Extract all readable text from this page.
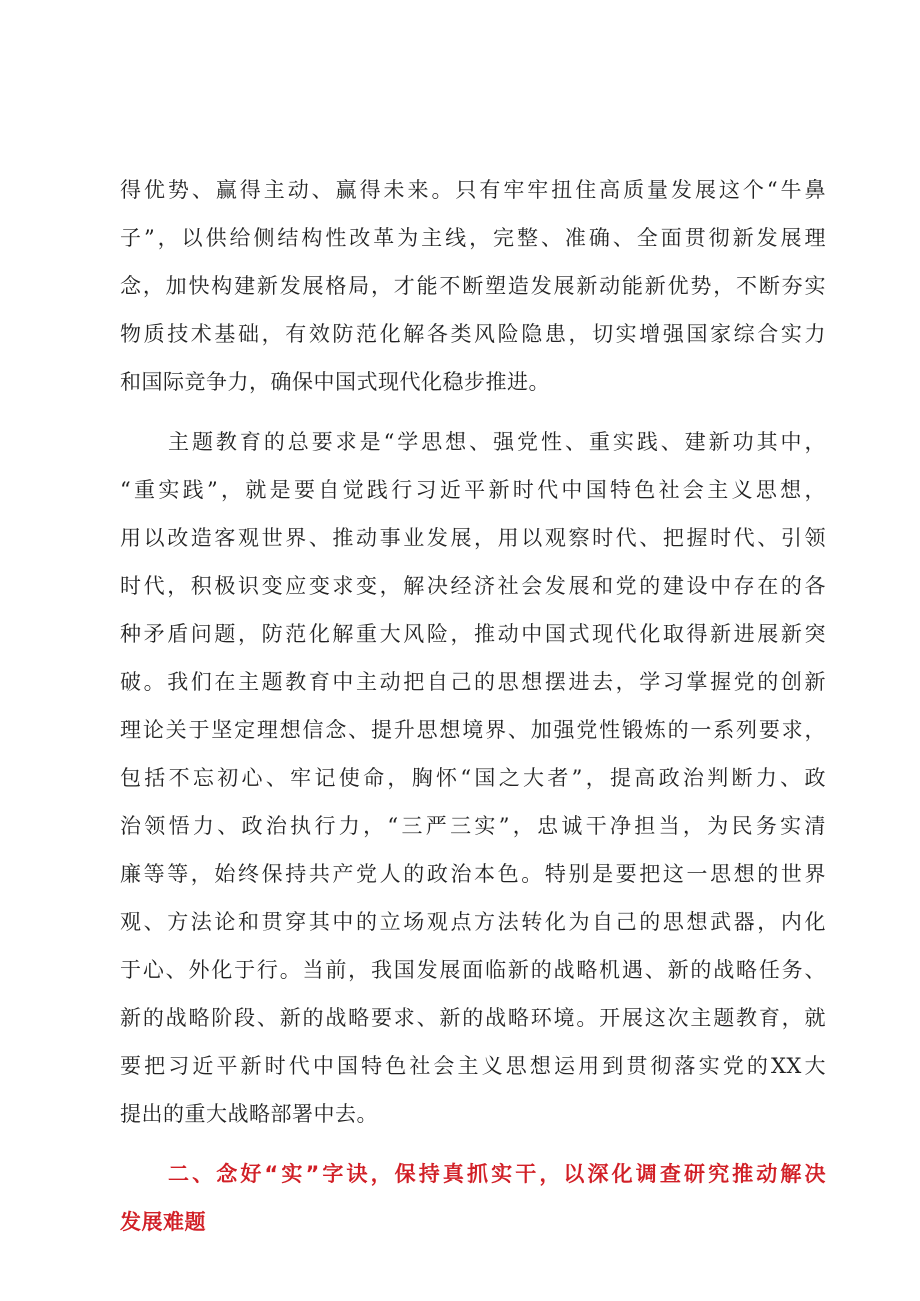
得优势、赢得主动、赢得未来。只有牢牢扭住高质量发展这个“牛鼻
子”，以供给侧结构性改革为主线，完整、准确、全面贯彻新发展理
念，加快构建新发展格局，才能不断塑造发展新动能新优势，不断夯实
物质技术基础，有效防范化解各类风险隐患，切实增强国家综合实力
和国际竞争力，确保中国式现代化稳步推进。
主题教育的总要求是“学思想、强党性、重实践、建新功其中，
“重实践”，就是要自觉践行习近平新时代中国特色社会主义思想，
用以改造客观世界、推动事业发展，用以观察时代、把握时代、引领
时代，积极识变应变求变，解决经济社会发展和党的建设中存在的各
种矛盾问题，防范化解重大风险，推动中国式现代化取得新进展新突
破。我们在主题教育中主动把自己的思想摆进去，学习掌握党的创新
理论关于坚定理想信念、提升思想境界、加强党性锻炼的一系列要求，
包括不忘初心、牢记使命，胸怀“国之大者”，提高政治判断力、政
治领悟力、政治执行力，“三严三实”，忠诚干净担当，为民务实清
廉等等，始终保持共产党人的政治本色。特别是要把这一思想的世界
观、方法论和贯穿其中的立场观点方法转化为自己的思想武器，内化
于心、外化于行。当前，我国发展面临新的战略机遇、新的战略任务、
新的战略阶段、新的战略要求、新的战略环境。开展这次主题教育，就
要把习近平新时代中国特色社会主义思想运用到贯彻落实党的XX大
提出的重大战略部署中去。
二、念好“实”字诀，保持真抓实干，以深化调查研究推动解决
发展难题
